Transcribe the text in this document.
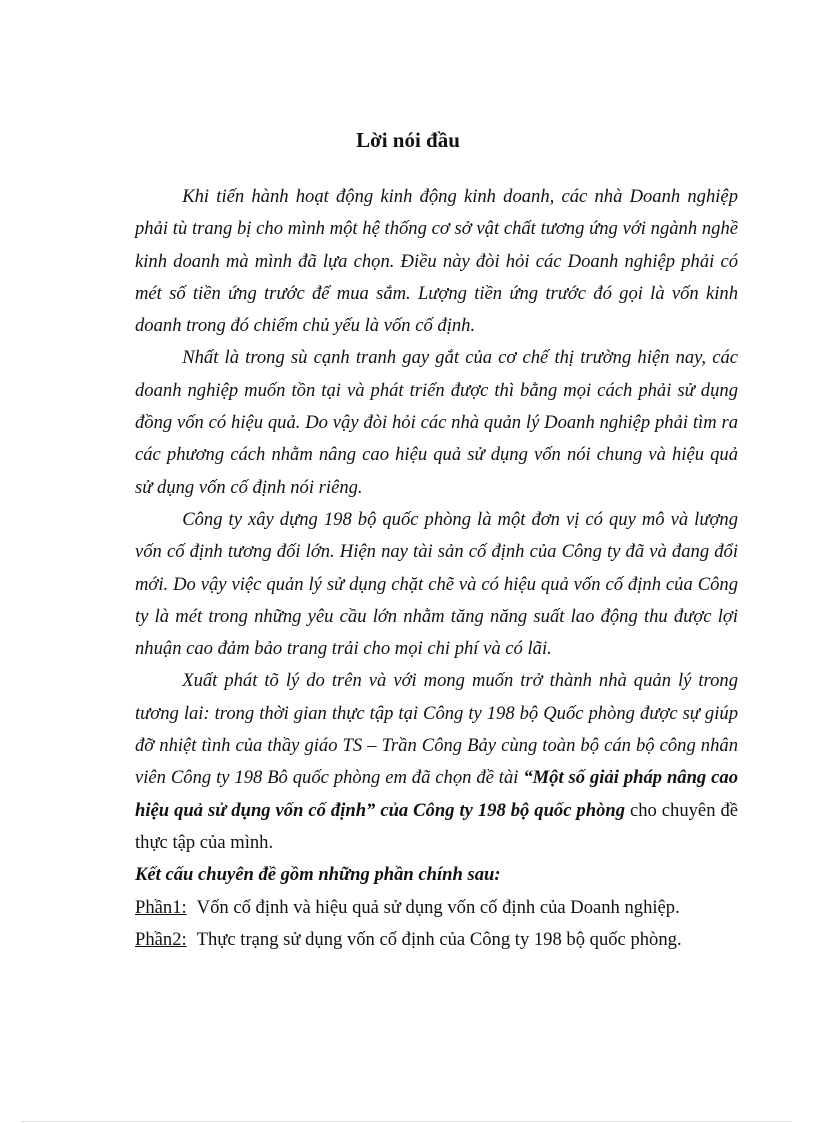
Lời nói đầu

Khi tiến hành hoạt động kinh động kinh doanh, các nhà Doanh nghiệp phải tù trang bị cho mình một hệ thống cơ sở vật chất tương ứng với ngành nghề kinh doanh mà mình đã lựa chọn. Điều này đòi hỏi các Doanh nghiệp phải có mét số tiền ứng trước để mua sắm. Lượng tiền ứng trước đó gọi là vốn kinh doanh trong đó chiếm chủ yếu là vốn cố định.

Nhất là trong sù cạnh tranh gay gắt của cơ chế thị trường hiện nay, các doanh nghiệp muốn tồn tại và phát triển được thì bằng mọi cách phải sử dụng đồng vốn có hiệu quả. Do vậy đòi hỏi các nhà quản lý Doanh nghiệp phải tìm ra các phương cách nhằm nâng cao hiệu quả sử dụng vốn nói chung và hiệu quả sử dụng vốn cố định nói riêng.

Công ty xây dựng 198 bộ quốc phòng là một đơn vị có quy mô và lượng vốn cố định tương đối lớn. Hiện nay tài sản cố định của Công ty đã và đang đổi mới. Do vậy việc quản lý sử dụng chặt chẽ và có hiệu quả vốn cố định của Công ty là mét trong những yêu cầu lớn nhằm tăng năng suất lao động thu được lợi nhuận cao đảm bảo trang trải cho mọi chi phí và có lãi.

Xuất phát tõ lý do trên và với mong muốn trở thành nhà quản lý trong tương lai: trong thời gian thực tập tại Công ty 198 bộ Quốc phòng được sự giúp đỡ nhiệt tình của thầy giáo TS – Trần Công Bảy cùng toàn bộ cán bộ công nhân viên Công ty 198 Bô quốc phòng em đã chọn đề tài “Một số giải pháp nâng cao hiệu quả sử dụng vốn cố định” của Công ty 198 bộ quốc phòng cho chuyên đề thực tập của mình.

Kết cấu chuyên đề gồm những phần chính sau:

Phần1: Vốn cố định và hiệu quả sử dụng vốn cố định của Doanh nghiệp.

Phần2: Thực trạng sử dụng vốn cố định của Công ty 198 bộ quốc phòng.
